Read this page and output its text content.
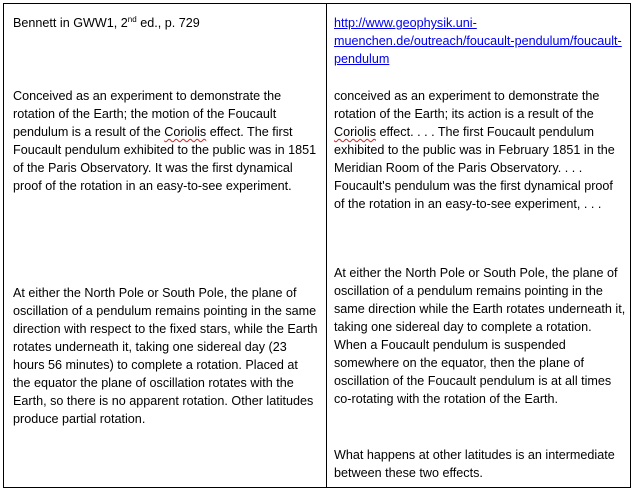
Bennett in GWW1, 2nd ed., p. 729

Conceived as an experiment to demonstrate the rotation of the Earth; the motion of the Foucault pendulum is a result of the Coriolis effect. The first Foucault pendulum exhibited to the public was in 1851 of the Paris Observatory. It was the first dynamical proof of the rotation in an easy-to-see experiment.

At either the North Pole or South Pole, the plane of oscillation of a pendulum remains pointing in the same direction with respect to the fixed stars, while the Earth rotates underneath it, taking one sidereal day (23 hours 56 minutes) to complete a rotation. Placed at the equator the plane of oscillation rotates with the Earth, so there is no apparent rotation. Other latitudes produce partial rotation.

http://www.geophysik.uni-muenchen.de/outreach/foucault-pendulum/foucault-pendulum

conceived as an experiment to demonstrate the rotation of the Earth; its action is a result of the Coriolis effect. . . . The first Foucault pendulum exhibited to the public was in February 1851 in the Meridian Room of the Paris Observatory. . . . Foucault's pendulum was the first dynamical proof of the rotation in an easy-to-see experiment, . . .

At either the North Pole or South Pole, the plane of oscillation of a pendulum remains pointing in the same direction while the Earth rotates underneath it, taking one sidereal day to complete a rotation. When a Foucault pendulum is suspended somewhere on the equator, then the plane of oscillation of the Foucault pendulum is at all times co-rotating with the rotation of the Earth.

What happens at other latitudes is an intermediate between these two effects.
